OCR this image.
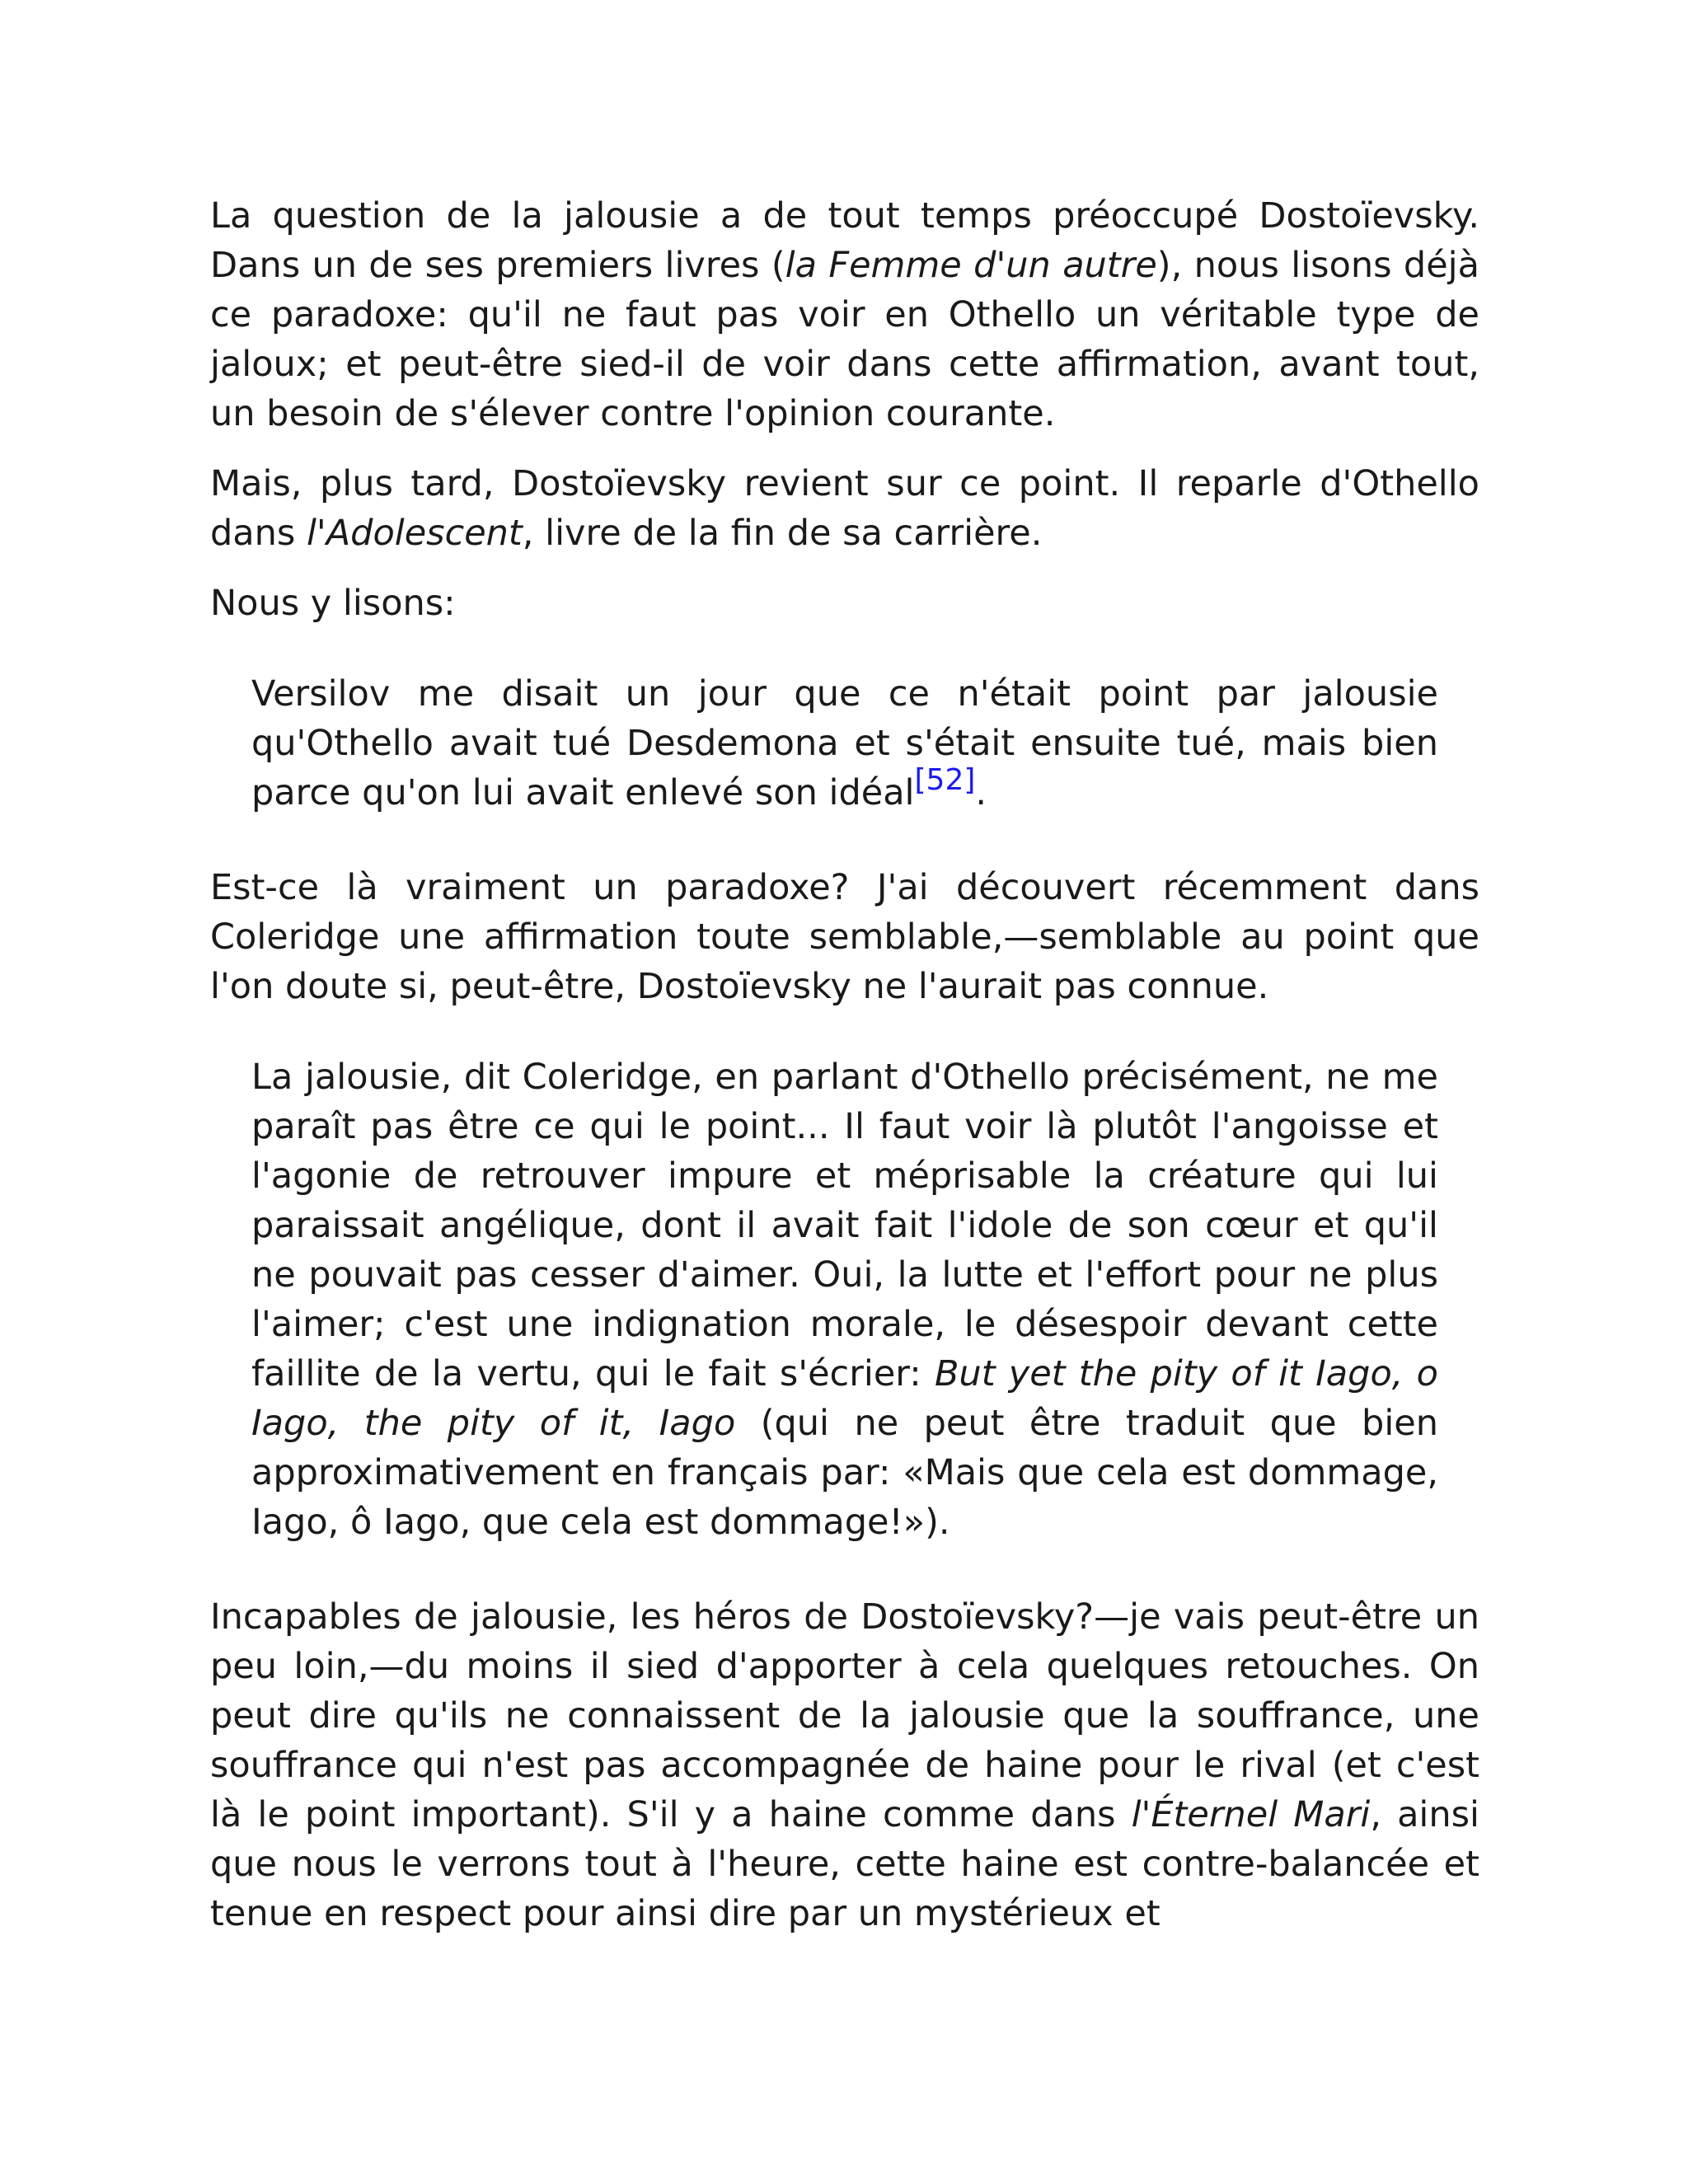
La question de la jalousie a de tout temps préoccupé Dostoïevsky. Dans un de ses premiers livres (la Femme d'un autre), nous lisons déjà ce paradoxe: qu'il ne faut pas voir en Othello un véritable type de jaloux; et peut-être sied-il de voir dans cette affirmation, avant tout, un besoin de s'élever contre l'opinion courante.

Mais, plus tard, Dostoïevsky revient sur ce point. Il reparle d'Othello dans l'Adolescent, livre de la fin de sa carrière.

Nous y lisons:

Versilov me disait un jour que ce n'était point par jalousie qu'Othello avait tué Desdemona et s'était ensuite tué, mais bien parce qu'on lui avait enlevé son idéal[52].

Est-ce là vraiment un paradoxe? J'ai découvert récemment dans Coleridge une affirmation toute semblable,—semblable au point que l'on doute si, peut-être, Dostoïevsky ne l'aurait pas connue.

La jalousie, dit Coleridge, en parlant d'Othello précisément, ne me paraît pas être ce qui le point... Il faut voir là plutôt l'angoisse et l'agonie de retrouver impure et méprisable la créature qui lui paraissait angélique, dont il avait fait l'idole de son cœur et qu'il ne pouvait pas cesser d'aimer. Oui, la lutte et l'effort pour ne plus l'aimer; c'est une indignation morale, le désespoir devant cette faillite de la vertu, qui le fait s'écrier: But yet the pity of it Iago, o Iago, the pity of it, Iago (qui ne peut être traduit que bien approximativement en français par: «Mais que cela est dommage, Iago, ô Iago, que cela est dommage!»).

Incapables de jalousie, les héros de Dostoïevsky?—je vais peut-être un peu loin,—du moins il sied d'apporter à cela quelques retouches. On peut dire qu'ils ne connaissent de la jalousie que la souffrance, une souffrance qui n'est pas accompagnée de haine pour le rival (et c'est là le point important). S'il y a haine comme dans l'Éternel Mari, ainsi que nous le verrons tout à l'heure, cette haine est contre-balancée et tenue en respect pour ainsi dire par un mystérieux et
